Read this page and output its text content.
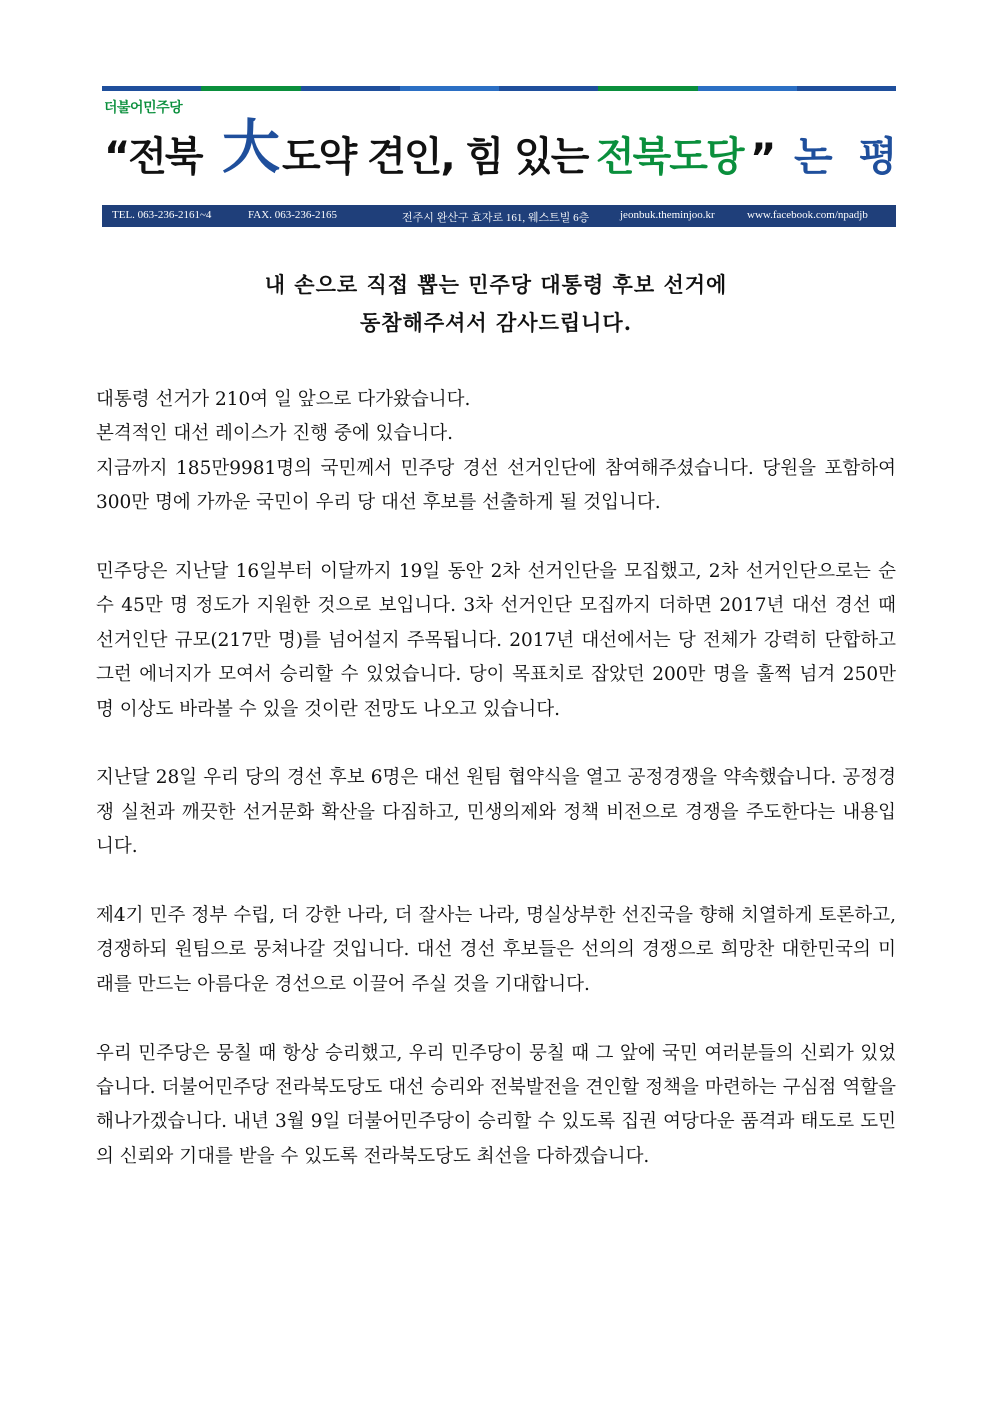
더불어민주당
“전북 大 도약 견인, 힘 있는 전북도당 ” 논 평
TEL. 063-236-2161~4	FAX. 063-236-2165	전주시 완산구 효자로 161, 웨스트빌 6층	jeonbuk.theminjoo.kr	www.facebook.com/npadjb
내 손으로 직접 뽑는 민주당 대통령 후보 선거에
동참해주셔서 감사드립니다.
대통령 선거가 210여 일 앞으로 다가왔습니다.
본격적인 대선 레이스가 진행 중에 있습니다.
지금까지 185만9981명의 국민께서 민주당 경선 선거인단에 참여해주셨습니다. 당원을 포함하여 300만 명에 가까운 국민이 우리 당 대선 후보를 선출하게 될 것입니다.

민주당은 지난달 16일부터 이달까지 19일 동안 2차 선거인단을 모집했고, 2차 선거인단으로는 순수 45만 명 정도가 지원한 것으로 보입니다. 3차 선거인단 모집까지 더하면 2017년 대선 경선 때 선거인단 규모(217만 명)를 넘어설지 주목됩니다. 2017년 대선에서는 당 전체가 강력히 단합하고 그런 에너지가 모여서 승리할 수 있었습니다. 당이 목표치로 잡았던 200만 명을 훌쩍 넘겨 250만 명 이상도 바라볼 수 있을 것이란 전망도 나오고 있습니다.

지난달 28일 우리 당의 경선 후보 6명은 대선 원팀 협약식을 열고 공정경쟁을 약속했습니다. 공정경쟁 실천과 깨끗한 선거문화 확산을 다짐하고, 민생의제와 정책 비전으로 경쟁을 주도한다는 내용입니다.

제4기 민주 정부 수립, 더 강한 나라, 더 잘사는 나라, 명실상부한 선진국을 향해 치열하게 토론하고, 경쟁하되 원팀으로 뭉쳐나갈 것입니다. 대선 경선 후보들은 선의의 경쟁으로 희망찬 대한민국의 미래를 만드는 아름다운 경선으로 이끌어 주실 것을 기대합니다.

우리 민주당은 뭉칠 때 항상 승리했고, 우리 민주당이 뭉칠 때 그 앞에 국민 여러분들의 신뢰가 있었습니다. 더불어민주당 전라북도당도 대선 승리와 전북발전을 견인할 정책을 마련하는 구심점 역할을 해나가겠습니다. 내년 3월 9일 더불어민주당이 승리할 수 있도록 집권 여당다운 품격과 태도로 도민의 신뢰와 기대를 받을 수 있도록 전라북도당도 최선을 다하겠습니다.
